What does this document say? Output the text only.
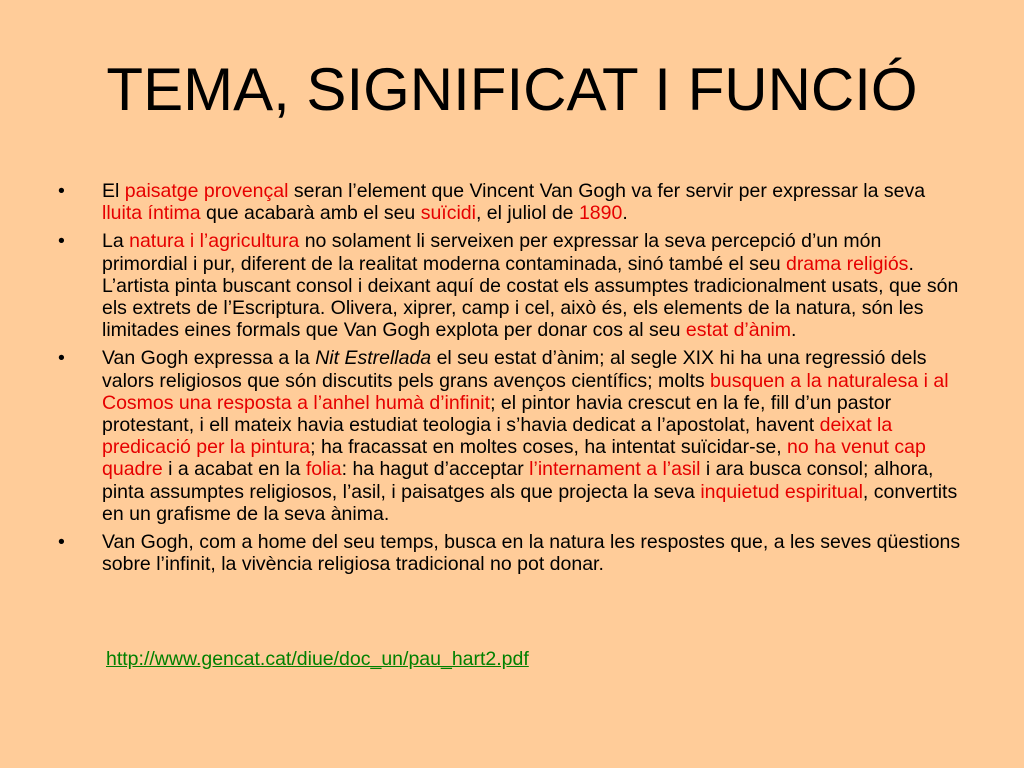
TEMA, SIGNIFICAT I FUNCIÓ
•	El paisatge provençal seran l’element que Vincent Van Gogh va fer servir per expressar la seva lluita íntima que acabarà amb el seu suïcidi, el juliol de 1890.
•	La natura i l’agricultura no solament li serveixen per expressar la seva percepció d’un món primordial i pur, diferent de la realitat moderna contaminada, sinó també el seu drama religiós. L’artista pinta buscant consol i deixant aquí de costat els assumptes tradicionalment usats, que són els extrets de l’Escriptura. Olivera, xiprer, camp i cel, això és, els elements de la natura, són les limitades eines formals que Van Gogh explota per donar cos al seu estat d’ànim.
•	Van Gogh expressa a la Nit Estrellada el seu estat d’ànim; al segle XIX hi ha una regressió dels valors religiosos que són discutits pels grans avenços científics; molts busquen a la naturalesa i al Cosmos una resposta a l’anhel humà d’infinit; el pintor havia crescut en la fe, fill d’un pastor protestant, i ell mateix havia estudiat teologia i s’havia dedicat a l’apostolat, havent deixat la predicació per la pintura; ha fracassat en moltes coses, ha intentat suïcidar-se, no ha venut cap quadre i a acabat en la folia: ha hagut d’acceptar l’internament a l’asil i ara busca consol; alhora, pinta assumptes religiosos, l’asil, i paisatges als que projecta la seva inquietud espiritual, convertits en un grafisme de la seva ànima.
•	Van Gogh, com a home del seu temps, busca en la natura les respostes que, a les seves qüestions sobre l’infinit, la vivència religiosa tradicional no pot donar.
http://www.gencat.cat/diue/doc_un/pau_hart2.pdf
